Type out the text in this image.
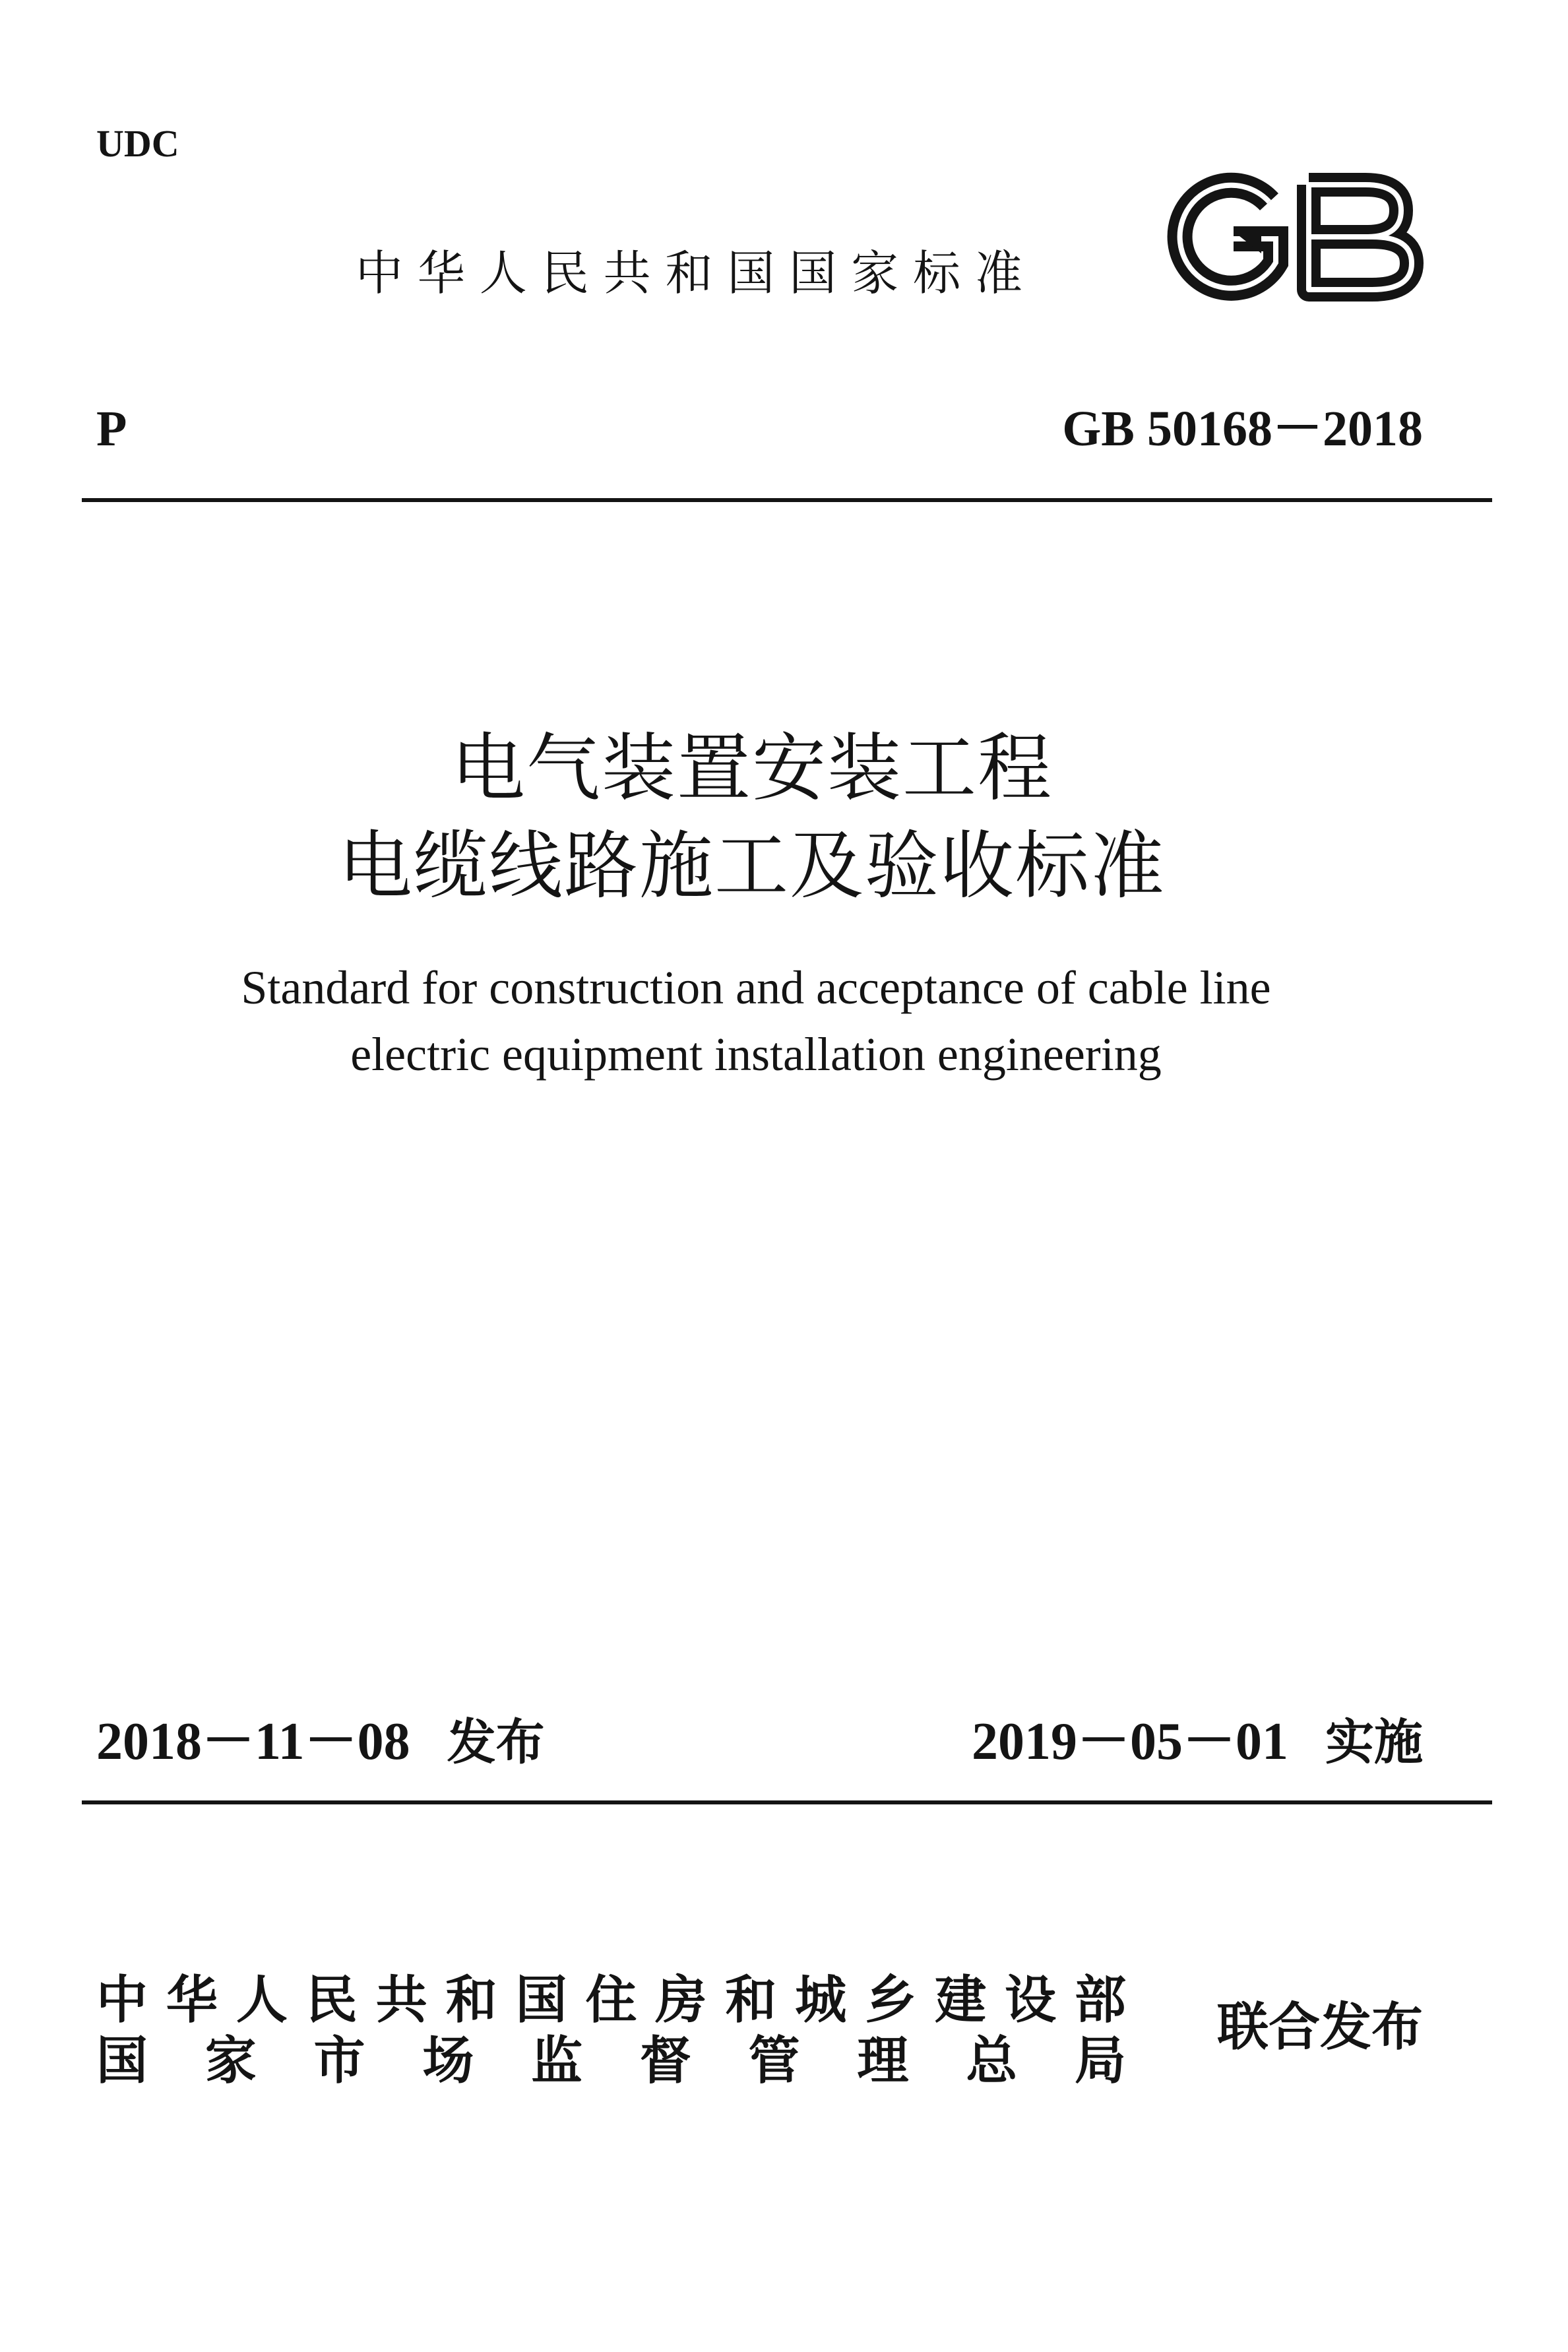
UDC
中华人民共和国国家标准
P	GB 50168－2018
电气装置安装工程
电缆线路施工及验收标准
Standard for construction and acceptance of cable line
electric equipment installation engineering
2018－11－08 发布	2019－05－01 实施
中华人民共和国住房和城乡建设部
国家市场监督管理总局
联合发布
